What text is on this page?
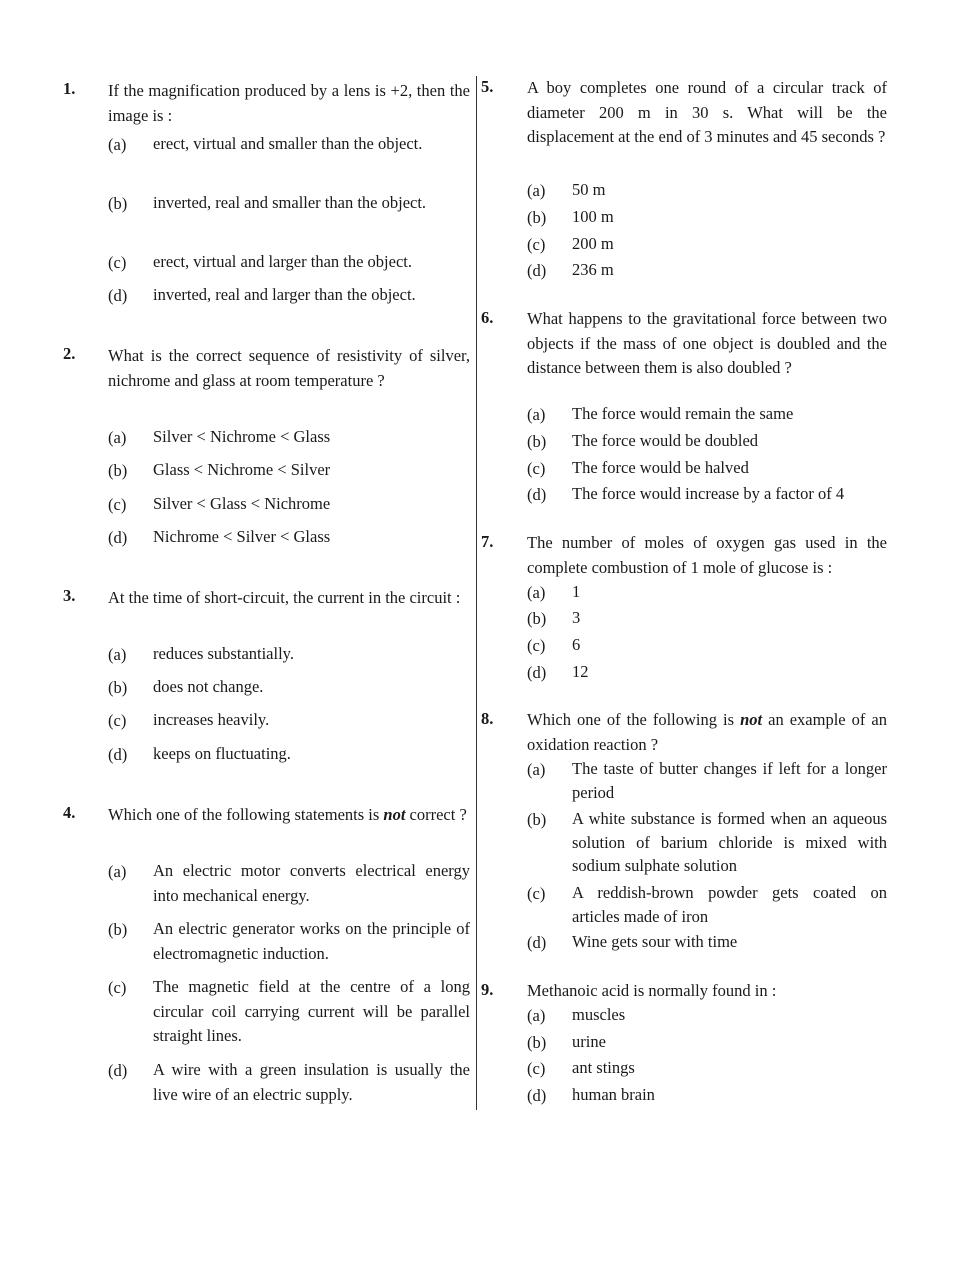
1. If the magnification produced by a lens is +2, then the image is :
(a) erect, virtual and smaller than the object.
(b) inverted, real and smaller than the object.
(c) erect, virtual and larger than the object.
(d) inverted, real and larger than the object.
2. What is the correct sequence of resistivity of silver, nichrome and glass at room temperature ?
(a) Silver < Nichrome < Glass
(b) Glass < Nichrome < Silver
(c) Silver < Glass < Nichrome
(d) Nichrome < Silver < Glass
3. At the time of short-circuit, the current in the circuit :
(a) reduces substantially.
(b) does not change.
(c) increases heavily.
(d) keeps on fluctuating.
4. Which one of the following statements is not correct ?
(a) An electric motor converts electrical energy into mechanical energy.
(b) An electric generator works on the principle of electromagnetic induction.
(c) The magnetic field at the centre of a long circular coil carrying current will be parallel straight lines.
(d) A wire with a green insulation is usually the live wire of an electric supply.
5. A boy completes one round of a circular track of diameter 200 m in 30 s. What will be the displacement at the end of 3 minutes and 45 seconds ?
(a) 50 m
(b) 100 m
(c) 200 m
(d) 236 m
6. What happens to the gravitational force between two objects if the mass of one object is doubled and the distance between them is also doubled ?
(a) The force would remain the same
(b) The force would be doubled
(c) The force would be halved
(d) The force would increase by a factor of 4
7. The number of moles of oxygen gas used in the complete combustion of 1 mole of glucose is :
(a) 1
(b) 3
(c) 6
(d) 12
8. Which one of the following is not an example of an oxidation reaction ?
(a) The taste of butter changes if left for a longer period
(b) A white substance is formed when an aqueous solution of barium chloride is mixed with sodium sulphate solution
(c) A reddish-brown powder gets coated on articles made of iron
(d) Wine gets sour with time
9. Methanoic acid is normally found in :
(a) muscles
(b) urine
(c) ant stings
(d) human brain
